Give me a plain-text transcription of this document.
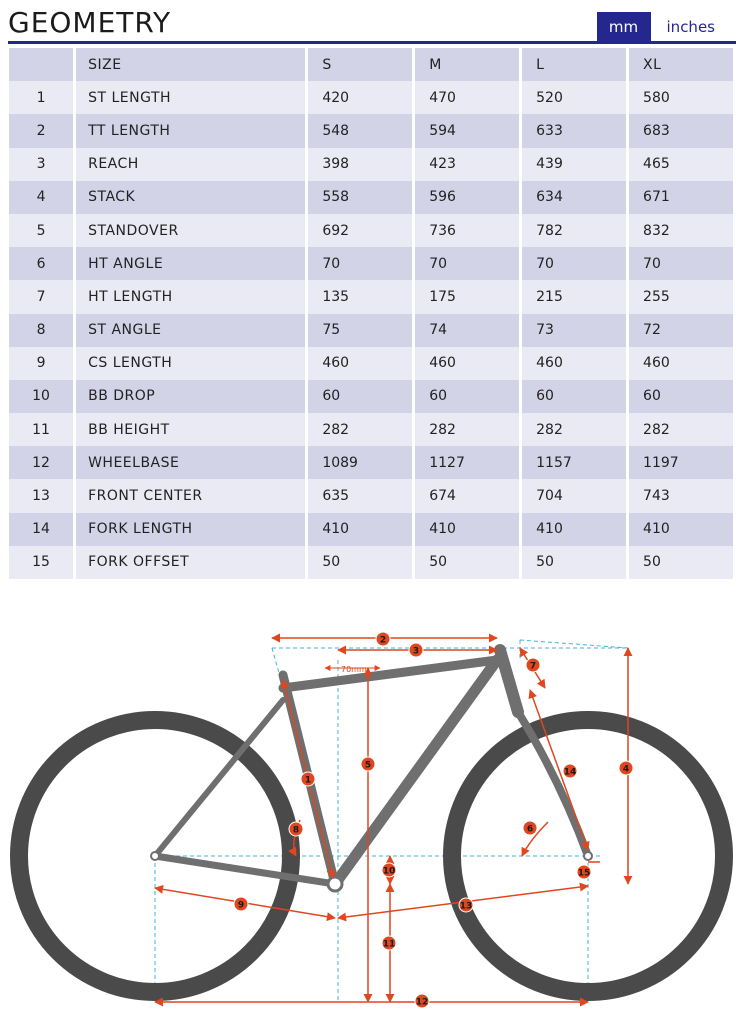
GEOMETRY	mm	inches
	SIZE	S	M	L	XL
1	ST LENGTH	420	470	520	580
2	TT LENGTH	548	594	633	683
3	REACH	398	423	439	465
4	STACK	558	596	634	671
5	STANDOVER	692	736	782	832
6	HT ANGLE	70	70	70	70
7	HT LENGTH	135	175	215	255
8	ST ANGLE	75	74	73	72
9	CS LENGTH	460	460	460	460
10	BB DROP	60	60	60	60
11	BB HEIGHT	282	282	282	282
12	WHEELBASE	1089	1127	1157	1197
13	FRONT CENTER	635	674	704	743
14	FORK LENGTH	410	410	410	410
15	FORK OFFSET	50	50	50	50
70mm
1
2
3
4
5
6
7
8
9
10
11
12
13
14
15
